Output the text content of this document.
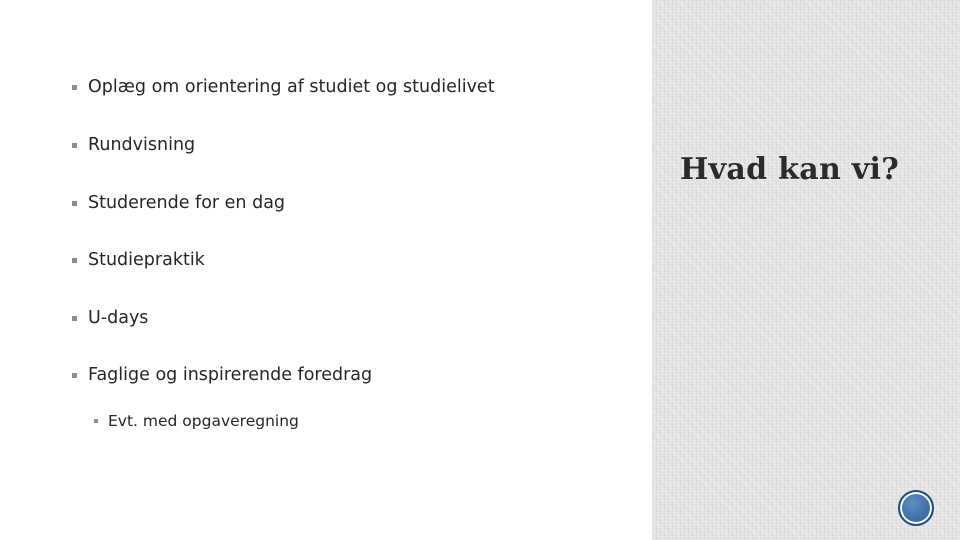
Oplæg om orientering af studiet og studielivet
Rundvisning
Studerende for en dag
Studiepraktik
U-days
Faglige og inspirerende foredrag
Evt. med opgaveregning
Hvad kan vi?
